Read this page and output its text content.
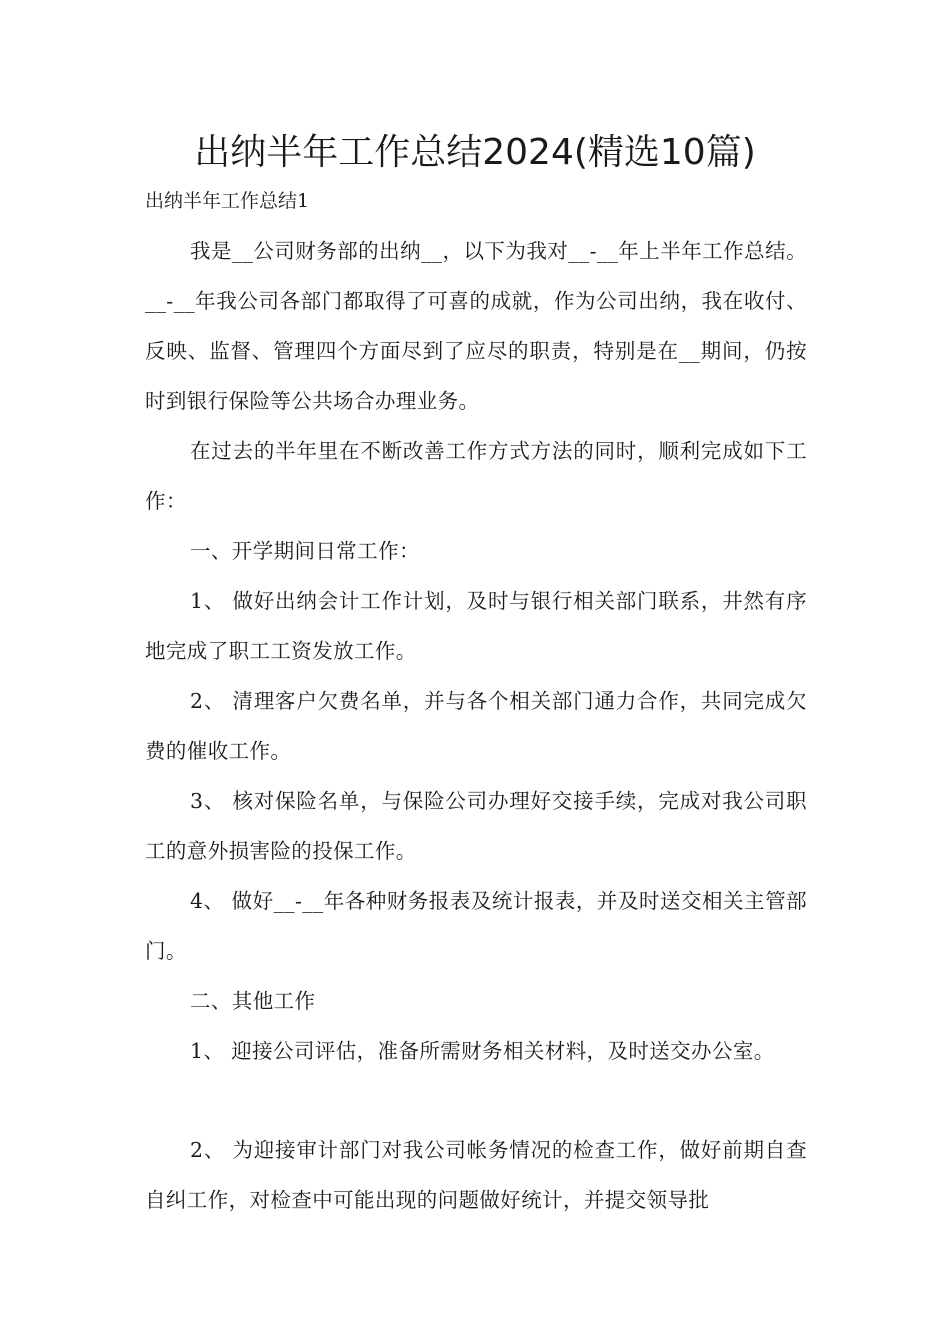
出纳半年工作总结2024(精选10篇)

出纳半年工作总结1

我是__公司财务部的出纳__，以下为我对__-__年上半年工作总结。__-__年我公司各部门都取得了可喜的成就，作为公司出纳，我在收付、反映、监督、管理四个方面尽到了应尽的职责，特别是在__期间，仍按时到银行保险等公共场合办理业务。

在过去的半年里在不断改善工作方式方法的同时，顺利完成如下工作：

一、开学期间日常工作：

1、 做好出纳会计工作计划，及时与银行相关部门联系，井然有序地完成了职工工资发放工作。

2、 清理客户欠费名单，并与各个相关部门通力合作，共同完成欠费的催收工作。

3、 核对保险名单，与保险公司办理好交接手续，完成对我公司职工的意外损害险的投保工作。

4、 做好__-__年各种财务报表及统计报表，并及时送交相关主管部门。

二、其他工作

1、 迎接公司评估，准备所需财务相关材料，及时送交办公室。

2、 为迎接审计部门对我公司帐务情况的检查工作，做好前期自查自纠工作，对检查中可能出现的问题做好统计，并提交领导批
